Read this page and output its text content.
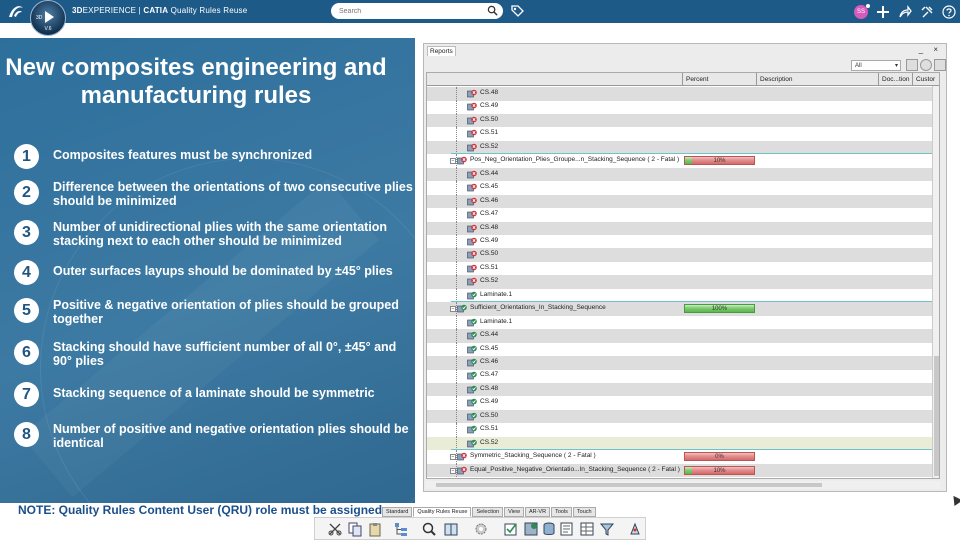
3DEXPERIENCE | CATIA Quality Rules Reuse
Search	SS
3D
V.6
New composites engineering and manufacturing rules
1	Composites features must be synchronized
2	Difference between the orientations of two consecutive plies should be minimized
3	Number of unidirectional plies with the same orientation stacking next to each other should be minimized
4	Outer surfaces layups should be dominated by ±45° plies
5	Positive & negative orientation of plies should be grouped together
6	Stacking should have sufficient number of all 0°, ±45° and 90° plies
7	Stacking sequence of a laminate should be symmetric
8	Number of positive and negative orientation plies should be identical
NOTE: Quality Rules Content User (QRU) role must be assigned
Reports	_ ×
All ▾
Percent	Description	Doc...tion	Custor
CS.48
CS.49
CS.50
CS.51
CS.52
− Pos_Neg_Orientation_Plies_Groupe...n_Stacking_Sequence ( 2 - Fatal )	10%
CS.44
CS.45
CS.46
CS.47
CS.48
CS.49
CS.50
CS.51
CS.52
Laminate.1
− Sufficient_Orientations_In_Stacking_Sequence	100%
Laminate.1
CS.44
CS.45
CS.46
CS.47
CS.48
CS.49
CS.50
CS.51
CS.52
− Symmetric_Stacking_Sequence ( 2 - Fatal )	0%
− Equal_Positive_Negative_Orientatio...In_Stacking_Sequence ( 2 - Fatal )	10%
Standard	Quality Rules Reuse	Selection	View	AR-VR	Tools	Touch
